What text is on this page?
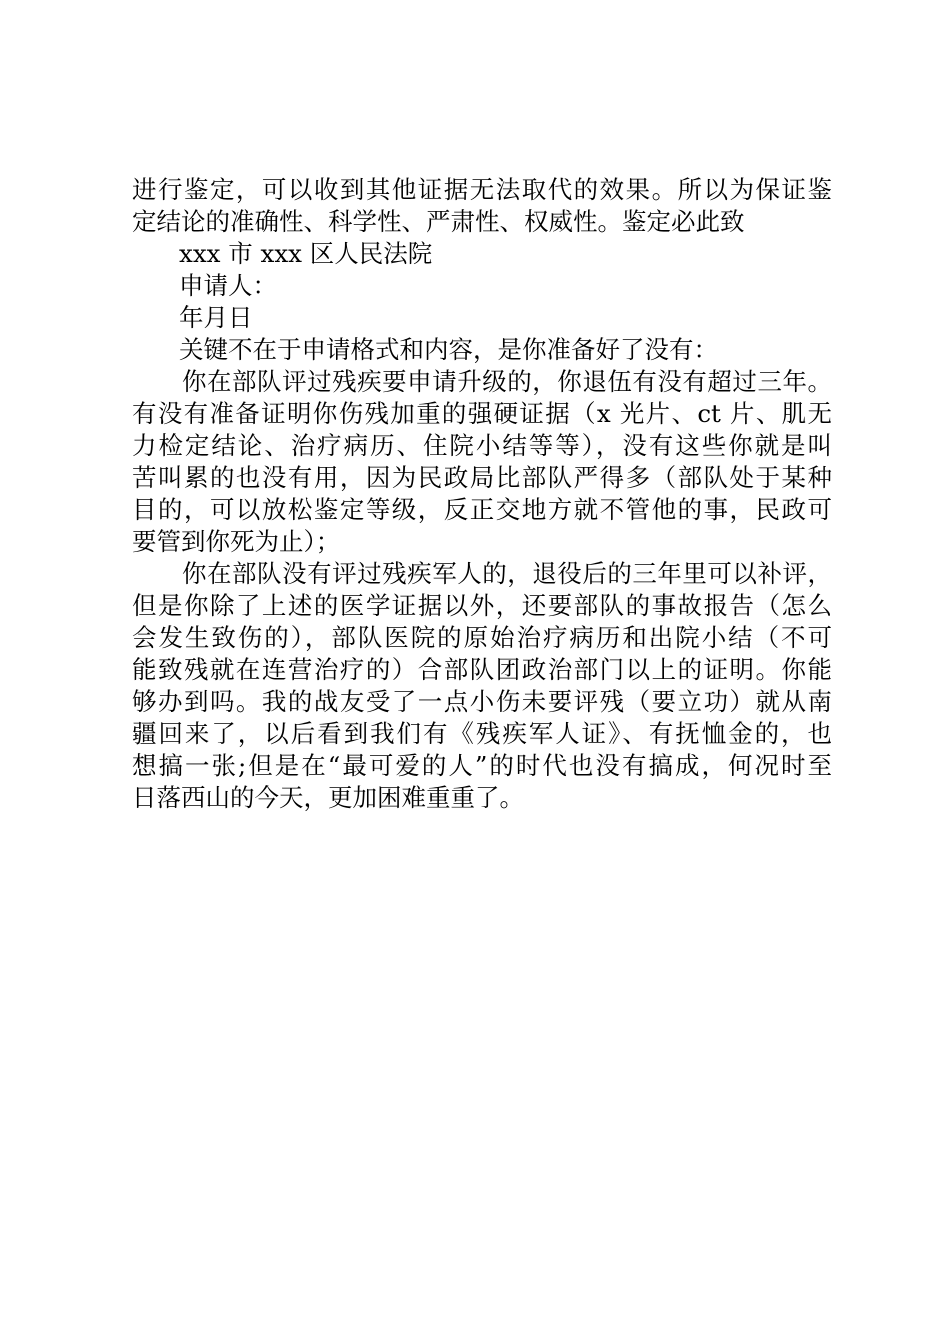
进行鉴定，可以收到其他证据无法取代的效果。所以为保证鉴
定结论的准确性、科学性、严肃性、权威性。鉴定必此致
xxx 市 xxx 区人民法院
申请人：
年月日
关键不在于申请格式和内容，是你准备好了没有：
你在部队评过残疾要申请升级的，你退伍有没有超过三年。
有没有准备证明你伤残加重的强硬证据（x 光片、ct 片、肌无
力检定结论、治疗病历、住院小结等等），没有这些你就是叫
苦叫累的也没有用，因为民政局比部队严得多（部队处于某种
目的，可以放松鉴定等级，反正交地方就不管他的事，民政可
要管到你死为止）；
你在部队没有评过残疾军人的，退役后的三年里可以补评，
但是你除了上述的医学证据以外，还要部队的事故报告（怎么
会发生致伤的），部队医院的原始治疗病历和出院小结（不可
能致残就在连营治疗的）合部队团政治部门以上的证明。你能
够办到吗。我的战友受了一点小伤未要评残（要立功）就从南
疆回来了，以后看到我们有《残疾军人证》、有抚恤金的，也
想搞一张;但是在“最可爱的人”的时代也没有搞成，何况时至
日落西山的今天，更加困难重重了。
